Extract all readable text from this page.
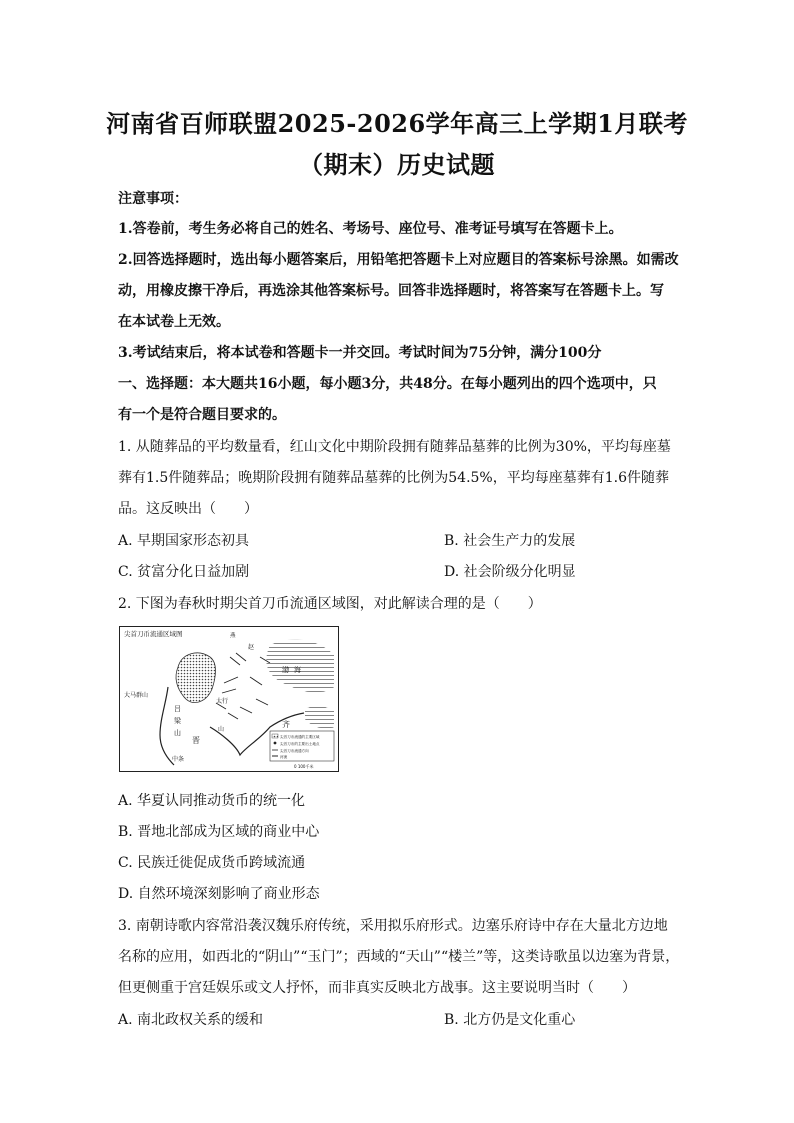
河南省百师联盟2025-2026学年高三上学期1月联考
（期末）历史试题
注意事项：
1.答卷前，考生务必将自己的姓名、考场号、座位号、准考证号填写在答题卡上。
2.回答选择题时，选出每小题答案后，用铅笔把答题卡上对应题目的答案标号涂黑。如需改
动，用橡皮擦干净后，再选涂其他答案标号。回答非选择题时，将答案写在答题卡上。写
在本试卷上无效。
3.考试结束后，将本试卷和答题卡一并交回。考试时间为75分钟，满分100分
一、选择题：本大题共16小题，每小题3分，共48分。在每小题列出的四个选项中，只
有一个是符合题目要求的。
1. 从随葬品的平均数量看，红山文化中期阶段拥有随葬品墓葬的比例为30%，平均每座墓
葬有1.5件随葬品；晚期阶段拥有随葬品墓葬的比例为54.5%，平均每座墓葬有1.6件随葬
品。这反映出（　　）
A. 早期国家形态初具	B. 社会生产力的发展
C. 贫富分化日益加剧	D. 社会阶级分化明显
2. 下图为春秋时期尖首刀币流通区域图，对此解读合理的是（　　）
尖首刀币流通区域图	燕
渤 海
赵
太行
吕
梁
山
晋
中条
山
齐
尖首刀币流通的主要区域
尖首刀币的主要出土地点
尖首刀币流通方向
河流
0 100千米
大马群山
A. 华夏认同推动货币的统一化
B. 晋地北部成为区域的商业中心
C. 民族迁徙促成货币跨域流通
D. 自然环境深刻影响了商业形态
3. 南朝诗歌内容常沿袭汉魏乐府传统，采用拟乐府形式。边塞乐府诗中存在大量北方边地
名称的应用，如西北的“阴山”“玉门”；西域的“天山”“楼兰”等，这类诗歌虽以边塞为背景，
但更侧重于宫廷娱乐或文人抒怀，而非真实反映北方战事。这主要说明当时（　　）
A. 南北政权关系的缓和	B. 北方仍是文化重心
